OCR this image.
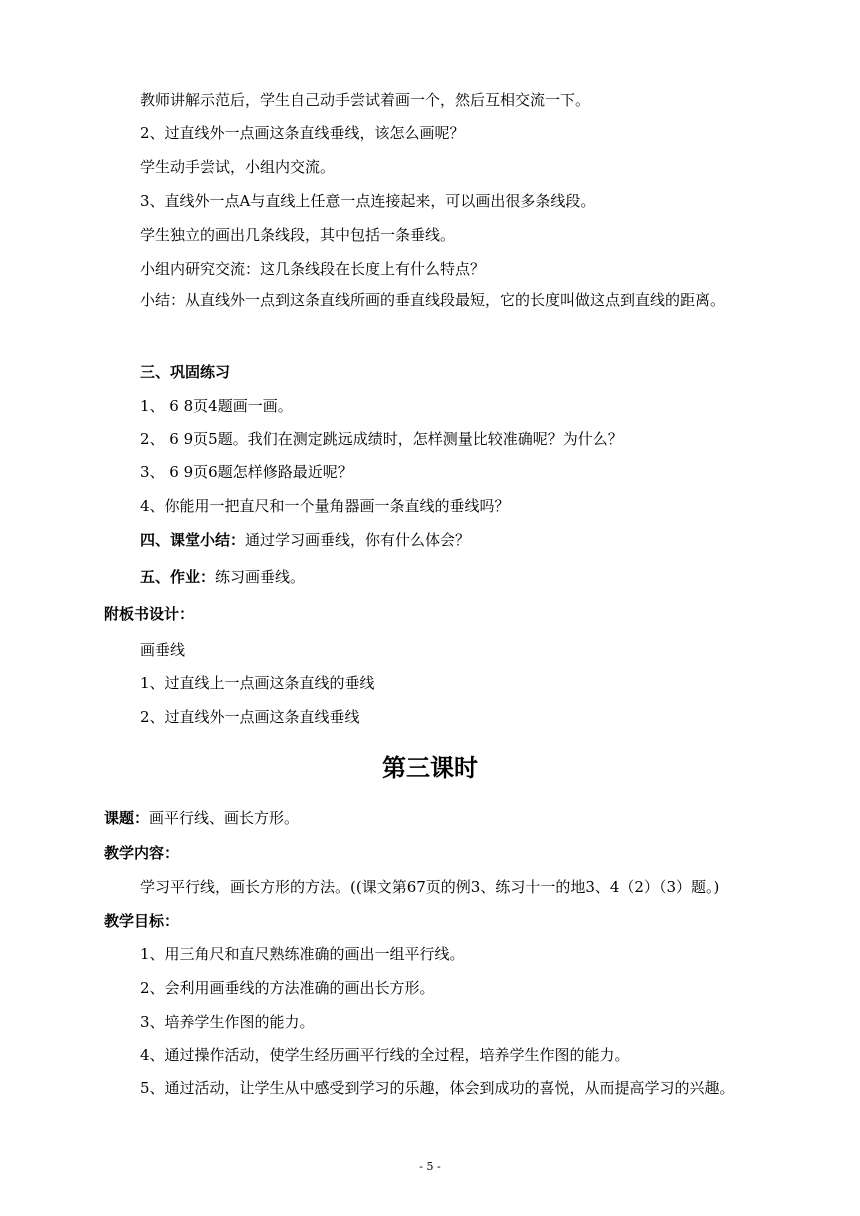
教师讲解示范后，学生自己动手尝试着画一个，然后互相交流一下。
2、过直线外一点画这条直线垂线，该怎么画呢？
学生动手尝试，小组内交流。
3、直线外一点A与直线上任意一点连接起来，可以画出很多条线段。
学生独立的画出几条线段，其中包括一条垂线。
小组内研究交流：这几条线段在长度上有什么特点？
小结：从直线外一点到这条直线所画的垂直线段最短，它的长度叫做这点到直线的距离。
三、巩固练习
1、 6 8页4题画一画。
2、 6 9页5题。我们在测定跳远成绩时，怎样测量比较准确呢？为什么？
3、 6 9页6题怎样修路最近呢？
4、你能用一把直尺和一个量角器画一条直线的垂线吗？
四、课堂小结：通过学习画垂线，你有什么体会？
五、作业：练习画垂线。
附板书设计：
画垂线
1、过直线上一点画这条直线的垂线
2、过直线外一点画这条直线垂线
第三课时
课题：画平行线、画长方形。
教学内容：
学习平行线，画长方形的方法。((课文第67页的例3、练习十一的地3、4（2）（3）题。)
教学目标：
1、用三角尺和直尺熟练准确的画出一组平行线。
2、会利用画垂线的方法准确的画出长方形。
3、培养学生作图的能力。
4、通过操作活动，使学生经历画平行线的全过程，培养学生作图的能力。
5、通过活动，让学生从中感受到学习的乐趣，体会到成功的喜悦，从而提高学习的兴趣。
- 5 -
